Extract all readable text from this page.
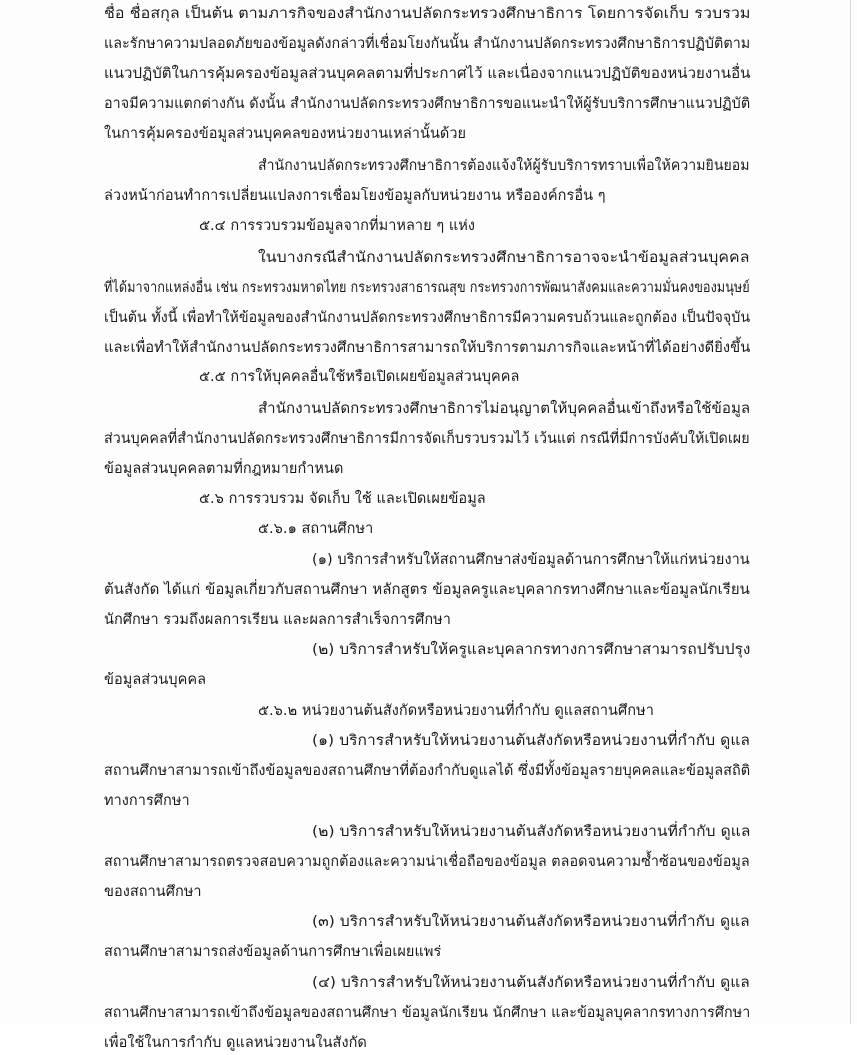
ชื่อ ชื่อสกุล เป็นต้น ตามภารกิจของสำนักงานปลัดกระทรวงศึกษาธิการ โดยการจัดเก็บ รวบรวม
และรักษาความปลอดภัยของข้อมูลดังกล่าวที่เชื่อมโยงกันนั้น สำนักงานปลัดกระทรวงศึกษาธิการปฏิบัติตาม
แนวปฏิบัติในการคุ้มครองข้อมูลส่วนบุคคลตามที่ประกาศไว้ และเนื่องจากแนวปฏิบัติของหน่วยงานอื่น
อาจมีความแตกต่างกัน ดังนั้น สำนักงานปลัดกระทรวงศึกษาธิการขอแนะนำให้ผู้รับบริการศึกษาแนวปฏิบัติ
ในการคุ้มครองข้อมูลส่วนบุคคลของหน่วยงานเหล่านั้นด้วย
สำนักงานปลัดกระทรวงศึกษาธิการต้องแจ้งให้ผู้รับบริการทราบเพื่อให้ความยินยอม
ล่วงหน้าก่อนทำการเปลี่ยนแปลงการเชื่อมโยงข้อมูลกับหน่วยงาน หรือองค์กรอื่น ๆ
๕.๔ การรวบรวมข้อมูลจากที่มาหลาย ๆ แห่ง
ในบางกรณีสำนักงานปลัดกระทรวงศึกษาธิการอาจจะนำข้อมูลส่วนบุคคล
ที่ได้มาจากแหล่งอื่น เช่น กระทรวงมหาดไทย กระทรวงสาธารณสุข กระทรวงการพัฒนาสังคมและความมั่นคงของมนุษย์
เป็นต้น ทั้งนี้ เพื่อทำให้ข้อมูลของสำนักงานปลัดกระทรวงศึกษาธิการมีความครบถ้วนและถูกต้อง เป็นปัจจุบัน
และเพื่อทำให้สำนักงานปลัดกระทรวงศึกษาธิการสามารถให้บริการตามภารกิจและหน้าที่ได้อย่างดียิ่งขึ้น
๕.๕ การให้บุคคลอื่นใช้หรือเปิดเผยข้อมูลส่วนบุคคล
สำนักงานปลัดกระทรวงศึกษาธิการไม่อนุญาตให้บุคคลอื่นเข้าถึงหรือใช้ข้อมูล
ส่วนบุคคลที่สำนักงานปลัดกระทรวงศึกษาธิการมีการจัดเก็บรวบรวมไว้ เว้นแต่ กรณีที่มีการบังคับให้เปิดเผย
ข้อมูลส่วนบุคคลตามที่กฎหมายกำหนด
๕.๖ การรวบรวม จัดเก็บ ใช้ และเปิดเผยข้อมูล
๕.๖.๑ สถานศึกษา
(๑) บริการสำหรับให้สถานศึกษาส่งข้อมูลด้านการศึกษาให้แก่หน่วยงาน
ต้นสังกัด ได้แก่ ข้อมูลเกี่ยวกับสถานศึกษา หลักสูตร ข้อมูลครูและบุคลากรทางศึกษาและข้อมูลนักเรียน
นักศึกษา รวมถึงผลการเรียน และผลการสำเร็จการศึกษา
(๒) บริการสำหรับให้ครูและบุคลากรทางการศึกษาสามารถปรับปรุง
ข้อมูลส่วนบุคคล
๕.๖.๒ หน่วยงานต้นสังกัดหรือหน่วยงานที่กำกับ ดูแลสถานศึกษา
(๑) บริการสำหรับให้หน่วยงานต้นสังกัดหรือหน่วยงานที่กำกับ ดูแล
สถานศึกษาสามารถเข้าถึงข้อมูลของสถานศึกษาที่ต้องกำกับดูแลได้ ซึ่งมีทั้งข้อมูลรายบุคคลและข้อมูลสถิติ
ทางการศึกษา
(๒) บริการสำหรับให้หน่วยงานต้นสังกัดหรือหน่วยงานที่กำกับ ดูแล
สถานศึกษาสามารถตรวจสอบความถูกต้องและความน่าเชื่อถือของข้อมูล ตลอดจนความซ้ำซ้อนของข้อมูล
ของสถานศึกษา
(๓) บริการสำหรับให้หน่วยงานต้นสังกัดหรือหน่วยงานที่กำกับ ดูแล
สถานศึกษาสามารถส่งข้อมูลด้านการศึกษาเพื่อเผยแพร่
(๔) บริการสำหรับให้หน่วยงานต้นสังกัดหรือหน่วยงานที่กำกับ ดูแล
สถานศึกษาสามารถเข้าถึงข้อมูลของสถานศึกษา ข้อมูลนักเรียน นักศึกษา และข้อมูลบุคลากรทางการศึกษา
เพื่อใช้ในการกำกับ ดูแลหน่วยงานในสังกัด
